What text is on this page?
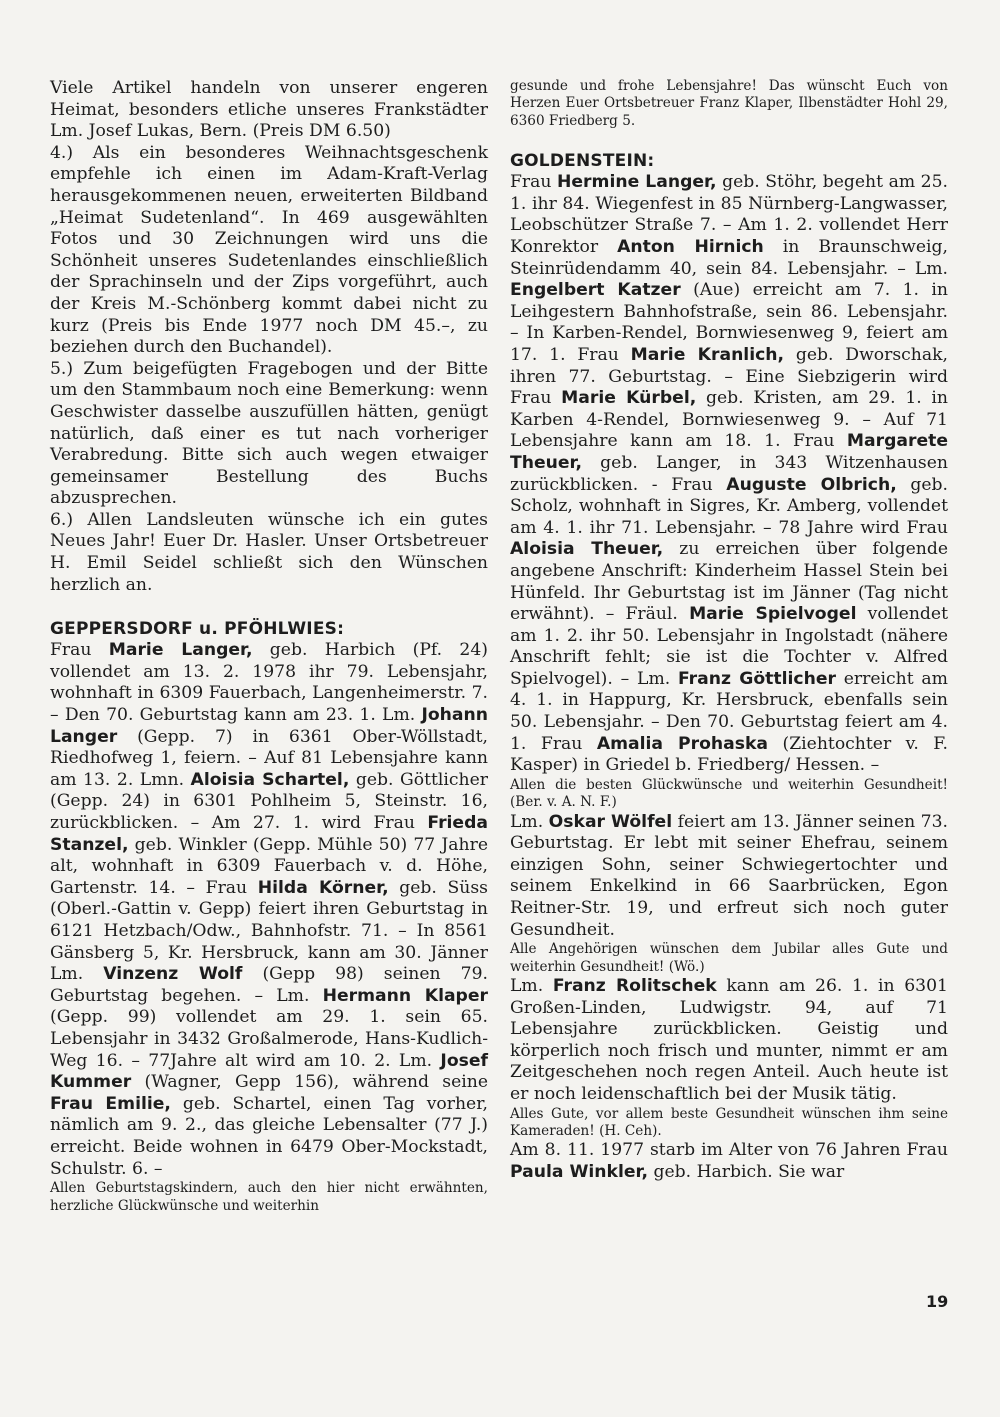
Viele Artikel handeln von unserer engeren Heimat, besonders etliche unseres Frankstädter Lm. Josef Lukas, Bern. (Preis DM 6.50)

4.) Als ein besonderes Weihnachtsgeschenk empfehle ich einen im Adam-Kraft-Verlag herausgekommenen neuen, erweiterten Bildband „Heimat Sudetenland“. In 469 ausgewählten Fotos und 30 Zeichnungen wird uns die Schönheit unseres Sudetenlandes einschließlich der Sprachinseln und der Zips vorgeführt, auch der Kreis M.-Schönberg kommt dabei nicht zu kurz (Preis bis Ende 1977 noch DM 45.–, zu beziehen durch den Buchandel).

5.) Zum beigefügten Fragebogen und der Bitte um den Stammbaum noch eine Bemerkung: wenn Geschwister dasselbe auszufüllen hätten, genügt natürlich, daß einer es tut nach vorheriger Verabredung. Bitte sich auch wegen etwaiger gemeinsamer Bestellung des Buchs abzusprechen.

6.) Allen Landsleuten wünsche ich ein gutes Neues Jahr! Euer Dr. Hasler. Unser Ortsbetreuer H. Emil Seidel schließt sich den Wünschen herzlich an.

GEPPERSDORF u. PFÖHLWIES:

Frau Marie Langer, geb. Harbich (Pf. 24) vollendet am 13. 2. 1978 ihr 79. Lebensjahr, wohnhaft in 6309 Fauerbach, Langenheimerstr. 7. – Den 70. Geburtstag kann am 23. 1. Lm. Johann Langer (Gepp. 7) in 6361 Ober-Wöllstadt, Riedhofweg 1, feiern. – Auf 81 Lebensjahre kann am 13. 2. Lmn. Aloisia Schartel, geb. Göttlicher (Gepp. 24) in 6301 Pohlheim 5, Steinstr. 16, zurückblicken. – Am 27. 1. wird Frau Frieda Stanzel, geb. Winkler (Gepp. Mühle 50) 77 Jahre alt, wohnhaft in 6309 Fauerbach v. d. Höhe, Gartenstr. 14. – Frau Hilda Körner, geb. Süss (Oberl.-Gattin v. Gepp) feiert ihren Geburtstag in 6121 Hetzbach/Odw., Bahnhofstr. 71. – In 8561 Gänsberg 5, Kr. Hersbruck, kann am 30. Jänner Lm. Vinzenz Wolf (Gepp 98) seinen 79. Geburtstag begehen. – Lm. Hermann Klaper (Gepp. 99) vollendet am 29. 1. sein 65. Lebensjahr in 3432 Großalmerode, Hans-Kudlich-Weg 16. – 77Jahre alt wird am 10. 2. Lm. Josef Kummer (Wagner, Gepp 156), während seine Frau Emilie, geb. Schartel, einen Tag vorher, nämlich am 9. 2., das gleiche Lebensalter (77 J.) erreicht. Beide wohnen in 6479 Ober-Mockstadt, Schulstr. 6. –

Allen Geburtstagskindern, auch den hier nicht erwähnten, herzliche Glückwünsche und weiterhin

gesunde und frohe Lebensjahre! Das wünscht Euch von Herzen Euer Ortsbetreuer Franz Klaper, Ilbenstädter Hohl 29, 6360 Friedberg 5.

GOLDENSTEIN:

Frau Hermine Langer, geb. Stöhr, begeht am 25. 1. ihr 84. Wiegenfest in 85 Nürnberg-Langwasser, Leobschützer Straße 7. – Am 1. 2. vollendet Herr Konrektor Anton Hirnich in Braunschweig, Steinrüdendamm 40, sein 84. Lebensjahr. – Lm. Engelbert Katzer (Aue) erreicht am 7. 1. in Leihgestern Bahnhofstraße, sein 86. Lebensjahr. – In Karben-Rendel, Bornwiesenweg 9, feiert am 17. 1. Frau Marie Kranlich, geb. Dworschak, ihren 77. Geburtstag. – Eine Siebzigerin wird Frau Marie Kürbel, geb. Kristen, am 29. 1. in Karben 4-Rendel, Bornwiesenweg 9. – Auf 71 Lebensjahre kann am 18. 1. Frau Margarete Theuer, geb. Langer, in 343 Witzenhausen zurückblicken. - Frau Auguste Olbrich, geb. Scholz, wohnhaft in Sigres, Kr. Amberg, vollendet am 4. 1. ihr 71. Lebensjahr. – 78 Jahre wird Frau Aloisia Theuer, zu erreichen über folgende angebene Anschrift: Kinderheim Hassel Stein bei Hünfeld. Ihr Geburtstag ist im Jänner (Tag nicht erwähnt). – Fräul. Marie Spielvogel vollendet am 1. 2. ihr 50. Lebensjahr in Ingolstadt (nähere Anschrift fehlt; sie ist die Tochter v. Alfred Spielvogel). – Lm. Franz Göttlicher erreicht am 4. 1. in Happurg, Kr. Hersbruck, ebenfalls sein 50. Lebensjahr. – Den 70. Geburtstag feiert am 4. 1. Frau Amalia Prohaska (Ziehtochter v. F. Kasper) in Griedel b. Friedberg/ Hessen. –

Allen die besten Glückwünsche und weiterhin Gesundheit! (Ber. v. A. N. F.)

Lm. Oskar Wölfel feiert am 13. Jänner seinen 73. Geburtstag. Er lebt mit seiner Ehefrau, seinem einzigen Sohn, seiner Schwiegertochter und seinem Enkelkind in 66 Saarbrücken, Egon Reitner-Str. 19, und erfreut sich noch guter Gesundheit.

Alle Angehörigen wünschen dem Jubilar alles Gute und weiterhin Gesundheit! (Wö.)

Lm. Franz Rolitschek kann am 26. 1. in 6301 Großen-Linden, Ludwigstr. 94, auf 71 Lebensjahre zurückblicken. Geistig und körperlich noch frisch und munter, nimmt er am Zeitgeschehen noch regen Anteil. Auch heute ist er noch leidenschaftlich bei der Musik tätig.

Alles Gute, vor allem beste Gesundheit wünschen ihm seine Kameraden! (H. Ceh).

Am 8. 11. 1977 starb im Alter von 76 Jahren Frau Paula Winkler, geb. Harbich. Sie war

19
